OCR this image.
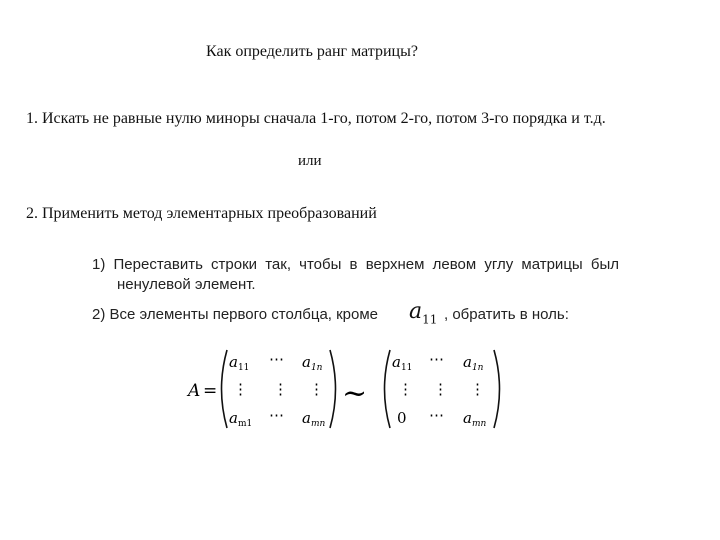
Как определить ранг матрицы?
1. Искать не равные нулю миноры сначала 1-го, потом 2-го, потом 3-го порядка и т.д.
или
2. Применить метод элементарных преобразований
1) Переставить строки так, чтобы в верхнем левом углу матрицы был
ненулевой элемент.
2) Все элементы первого столбца, кроме $a_{11}$ , обратить в ноль:
A =
$a_{11}$ ⋯ $a_{1n}$
⋮ ⋮ ⋮
$a_{m1}$ ⋯ $a_{mn}$
~
$a_{11}$ ⋯ $a_{1n}$
⋮ ⋮ ⋮
0 ⋯ $a_{mn}$
